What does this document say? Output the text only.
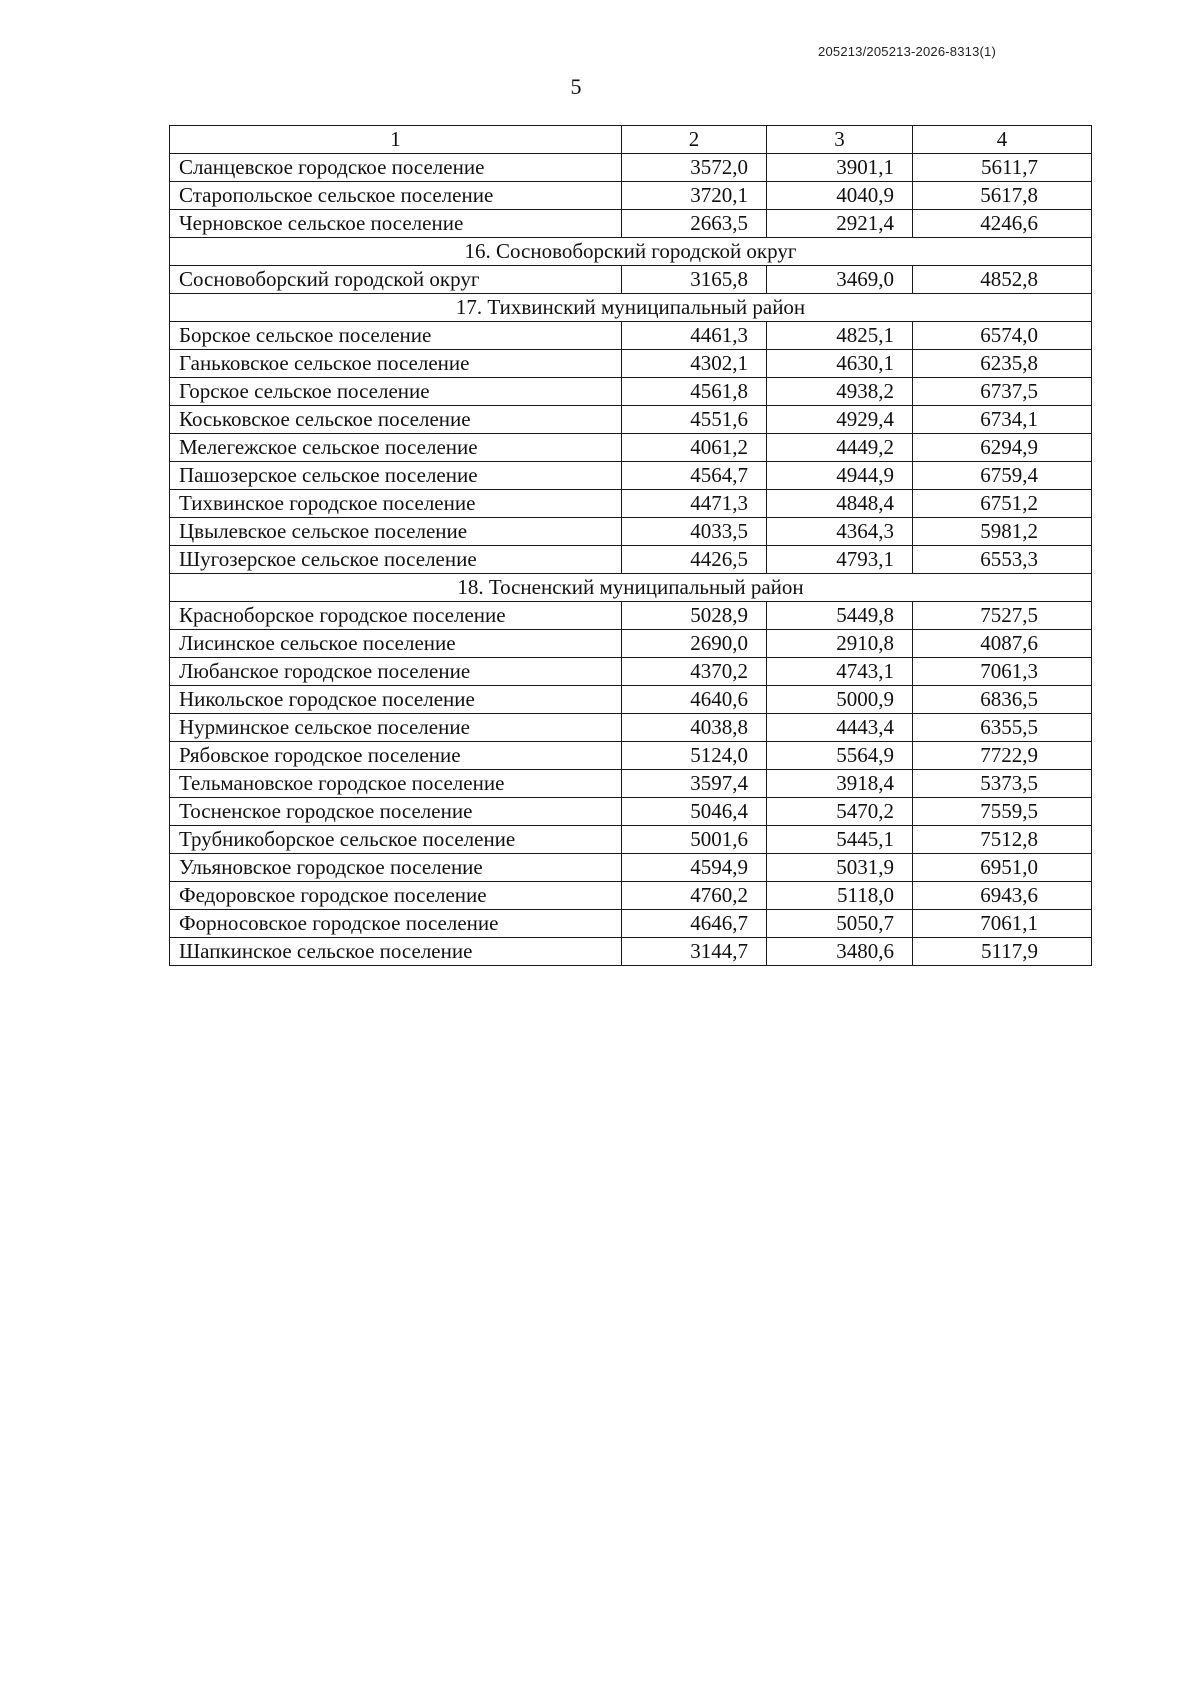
205213/205213-2026-8313(1)
5
1	2	3	4
Сланцевское городское поселение	3572,0	3901,1	5611,7
Старопольское сельское поселение	3720,1	4040,9	5617,8
Черновское сельское поселение	2663,5	2921,4	4246,6
16. Сосновоборский городской округ			
Сосновоборский городской округ	3165,8	3469,0	4852,8
17. Тихвинский муниципальный район			
Борское сельское поселение	4461,3	4825,1	6574,0
Ганьковское сельское поселение	4302,1	4630,1	6235,8
Горское сельское поселение	4561,8	4938,2	6737,5
Коськовское сельское поселение	4551,6	4929,4	6734,1
Мелегежское сельское поселение	4061,2	4449,2	6294,9
Пашозерское сельское поселение	4564,7	4944,9	6759,4
Тихвинское городское поселение	4471,3	4848,4	6751,2
Цвылевское сельское поселение	4033,5	4364,3	5981,2
Шугозерское сельское поселение	4426,5	4793,1	6553,3
18. Тосненский муниципальный район			
Красноборское городское поселение	5028,9	5449,8	7527,5
Лисинское сельское поселение	2690,0	2910,8	4087,6
Любанское городское поселение	4370,2	4743,1	7061,3
Никольское городское поселение	4640,6	5000,9	6836,5
Нурминское сельское поселение	4038,8	4443,4	6355,5
Рябовское городское поселение	5124,0	5564,9	7722,9
Тельмановское городское поселение	3597,4	3918,4	5373,5
Тосненское городское поселение	5046,4	5470,2	7559,5
Трубникоборское сельское поселение	5001,6	5445,1	7512,8
Ульяновское городское поселение	4594,9	5031,9	6951,0
Федоровское городское поселение	4760,2	5118,0	6943,6
Форносовское городское поселение	4646,7	5050,7	7061,1
Шапкинское сельское поселение	3144,7	3480,6	5117,9
